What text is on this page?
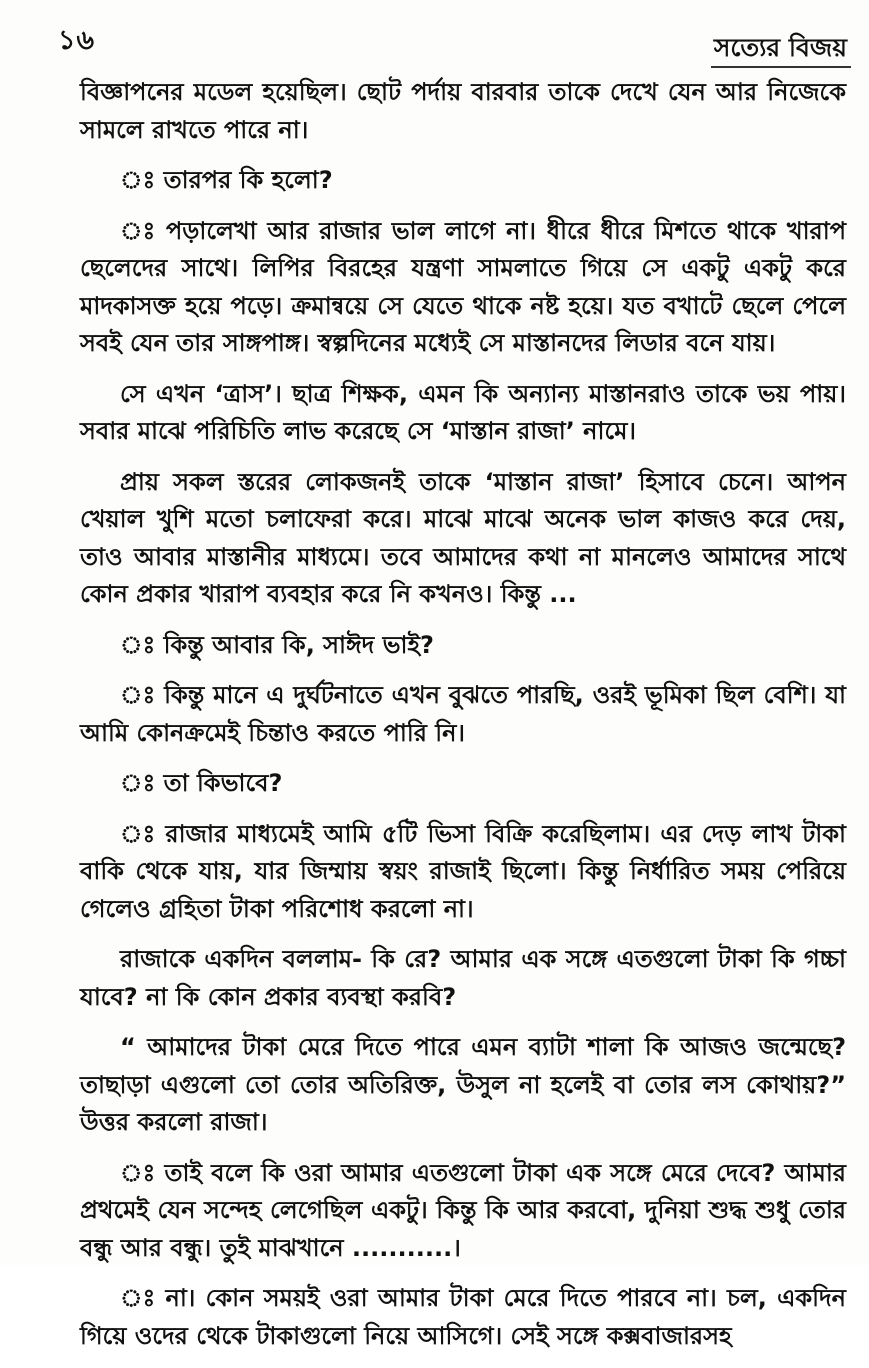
১৬	সত্যের বিজয়

বিজ্ঞাপনের মডেল হয়েছিল। ছোট পর্দায় বারবার তাকে দেখে যেন আর নিজেকে সামলে রাখতে পারে না।

ঃ তারপর কি হলো?

ঃ পড়ালেখা আর রাজার ভাল লাগে না। ধীরে ধীরে মিশতে থাকে খারাপ ছেলেদের সাথে। লিপির বিরহের যন্ত্রণা সামলাতে গিয়ে সে একটু একটু করে মাদকাসক্ত হয়ে পড়ে। ক্রমান্বয়ে সে যেতে থাকে নষ্ট হয়ে। যত বখাটে ছেলে পেলে সবই যেন তার সাঙ্গপাঙ্গ। স্বল্পদিনের মধ্যেই সে মাস্তানদের লিডার বনে যায়।

সে এখন ‘ত্রাস’। ছাত্র শিক্ষক, এমন কি অন্যান্য মাস্তানরাও তাকে ভয় পায়। সবার মাঝে পরিচিতি লাভ করেছে সে ‘মাস্তান রাজা’ নামে।

প্রায় সকল স্তরের লোকজনই তাকে ‘মাস্তান রাজা’ হিসাবে চেনে। আপন খেয়াল খুশি মতো চলাফেরা করে। মাঝে মাঝে অনেক ভাল কাজও করে দেয়, তাও আবার মাস্তানীর মাধ্যমে। তবে আমাদের কথা না মানলেও আমাদের সাথে কোন প্রকার খারাপ ব্যবহার করে নি কখনও। কিন্তু ...

ঃ কিন্তু আবার কি, সাঈদ ভাই?

ঃ কিন্তু মানে এ দুর্ঘটনাতে এখন বুঝতে পারছি, ওরই ভূমিকা ছিল বেশি। যা আমি কোনক্রমেই চিন্তাও করতে পারি নি।

ঃ তা কিভাবে?

ঃ রাজার মাধ্যমেই আমি ৫টি ভিসা বিক্রি করেছিলাম। এর দেড় লাখ টাকা বাকি থেকে যায়, যার জিম্মায় স্বয়ং রাজাই ছিলো। কিন্তু নির্ধারিত সময় পেরিয়ে গেলেও গ্রহিতা টাকা পরিশোধ করলো না।

রাজাকে একদিন বললাম- কি রে? আমার এক সঙ্গে এতগুলো টাকা কি গচ্চা যাবে? না কি কোন প্রকার ব্যবস্থা করবি?

“ আমাদের টাকা মেরে দিতে পারে এমন ব্যাটা শালা কি আজও জন্মেছে? তাছাড়া এগুলো তো তোর অতিরিক্ত, উসুল না হলেই বা তোর লস কোথায়?” উত্তর করলো রাজা।

ঃ তাই বলে কি ওরা আমার এতগুলো টাকা এক সঙ্গে মেরে দেবে? আমার প্রথমেই যেন সন্দেহ লেগেছিল একটু। কিন্তু কি আর করবো, দুনিয়া শুদ্ধ শুধু তোর বন্ধু আর বন্ধু। তুই মাঝখানে ...........।

ঃ না। কোন সময়ই ওরা আমার টাকা মেরে দিতে পারবে না। চল, একদিন গিয়ে ওদের থেকে টাকাগুলো নিয়ে আসিগে। সেই সঙ্গে কক্সবাজারসহ
